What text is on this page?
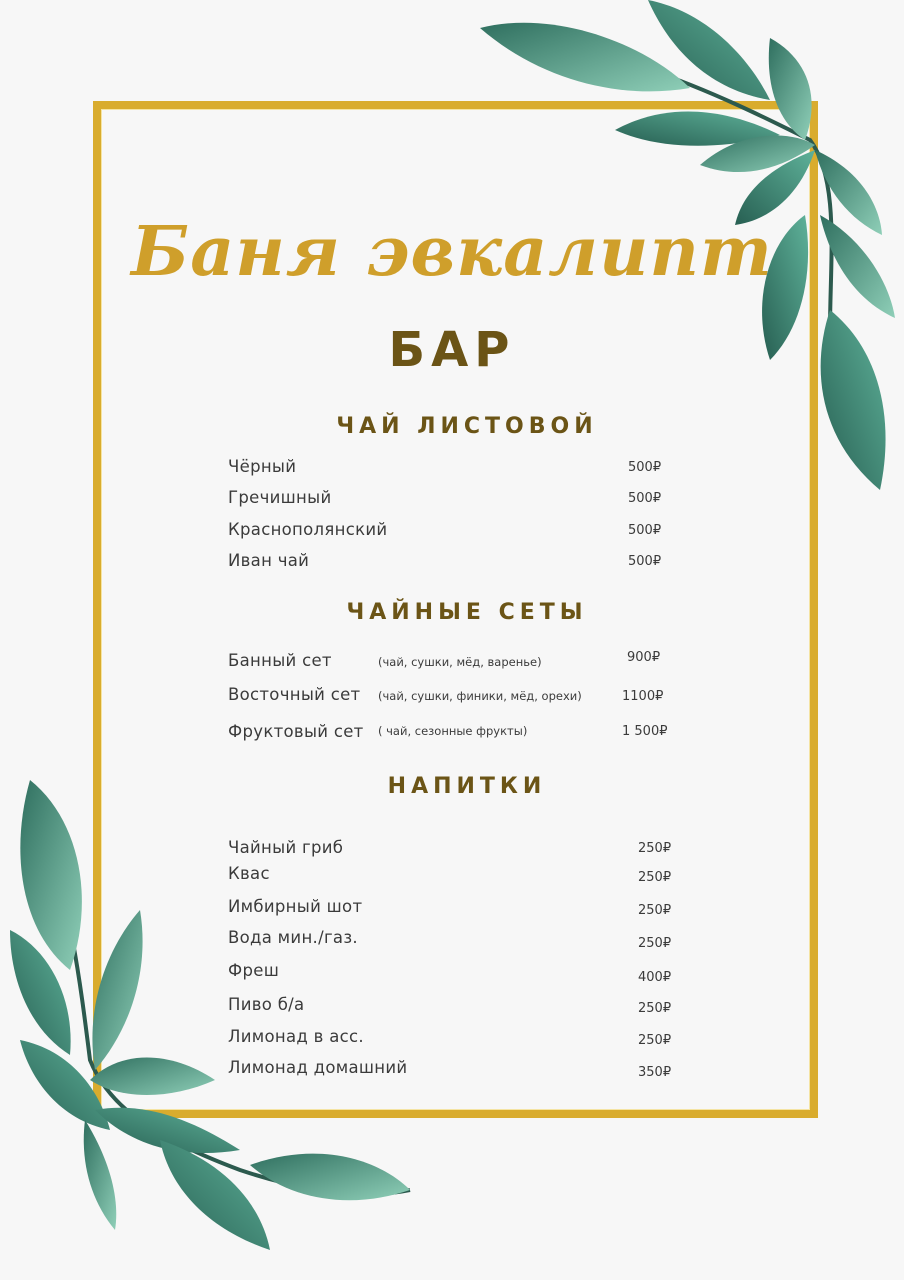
Баня эвкалипт
БАР
ЧАЙ ЛИСТОВОЙ
Чёрный	500₽
Гречишный	500₽
Краснополянский	500₽
Иван чай	500₽
ЧАЙНЫЕ СЕТЫ
Банный сет	(чай, сушки, мёд, варенье)	900₽
Восточный сет (чай, сушки, финики, мёд, орехи)	1100₽
Фруктовый сет ( чай, сезонные фрукты)	1 500₽
НАПИТКИ
Чайный гриб	250₽
Квас	250₽
Имбирный шот	250₽
Вода мин./газ.	250₽
Фреш	400₽
Пиво б/а	250₽
Лимонад в асс.	250₽
Лимонад домашний	350₽
